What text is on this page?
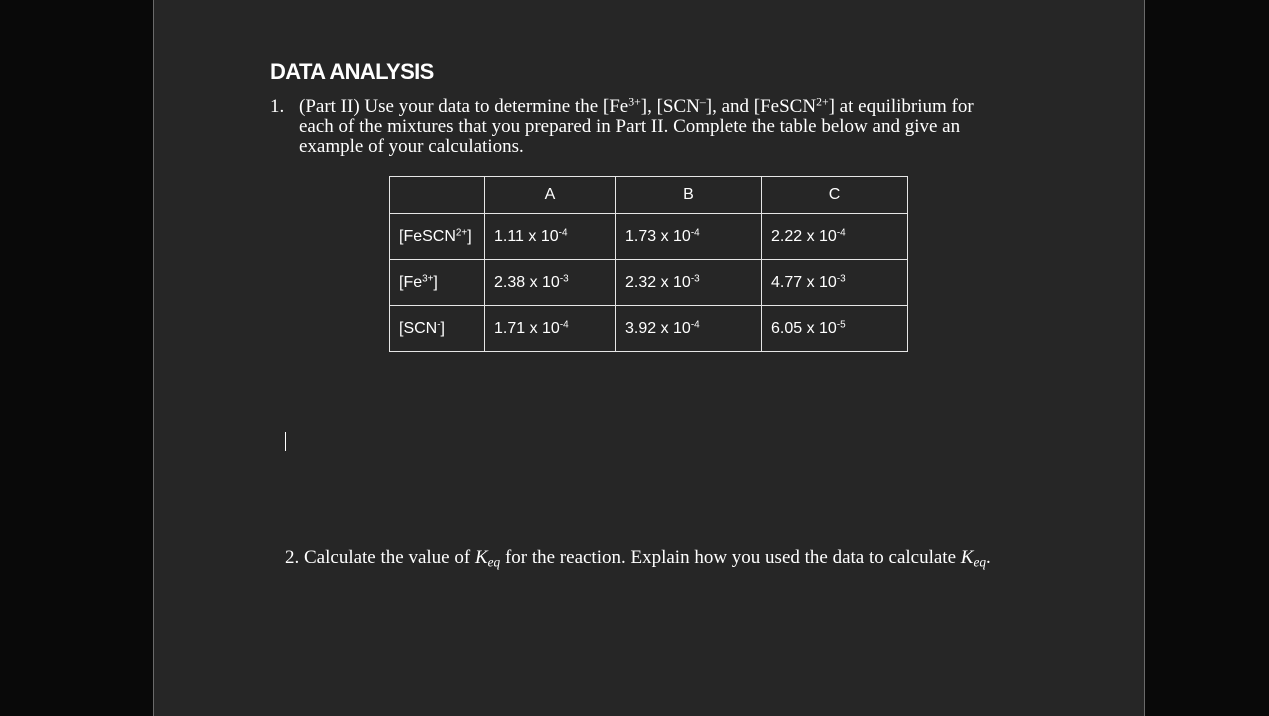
DATA ANALYSIS
1. (Part II) Use your data to determine the $[Fe^{3+}]$, [SCN–], and [FeSCN$^{2+}$] at equilibrium for each of the mixtures that you prepared in Part II. Complete the table below and give an example of your calculations.
	A	B	C
[FeSCN$^{2+}$]	1.11 x $10^{-4}$	1.73 x $10^{-4}$	2.22 x $10^{-4}$
$[Fe^{3+}]$	2.38 x $10^{-3}$	2.32 x $10^{-3}$	4.77 x $10^{-3}$
[SCN-]	1.71 x $10^{-4}$	3.92 x $10^{-4}$	6.05 x $10^{-5}$
2. Calculate the value of $K_{eq}$ for the reaction. Explain how you used the data to calculate $K_{eq}$.
